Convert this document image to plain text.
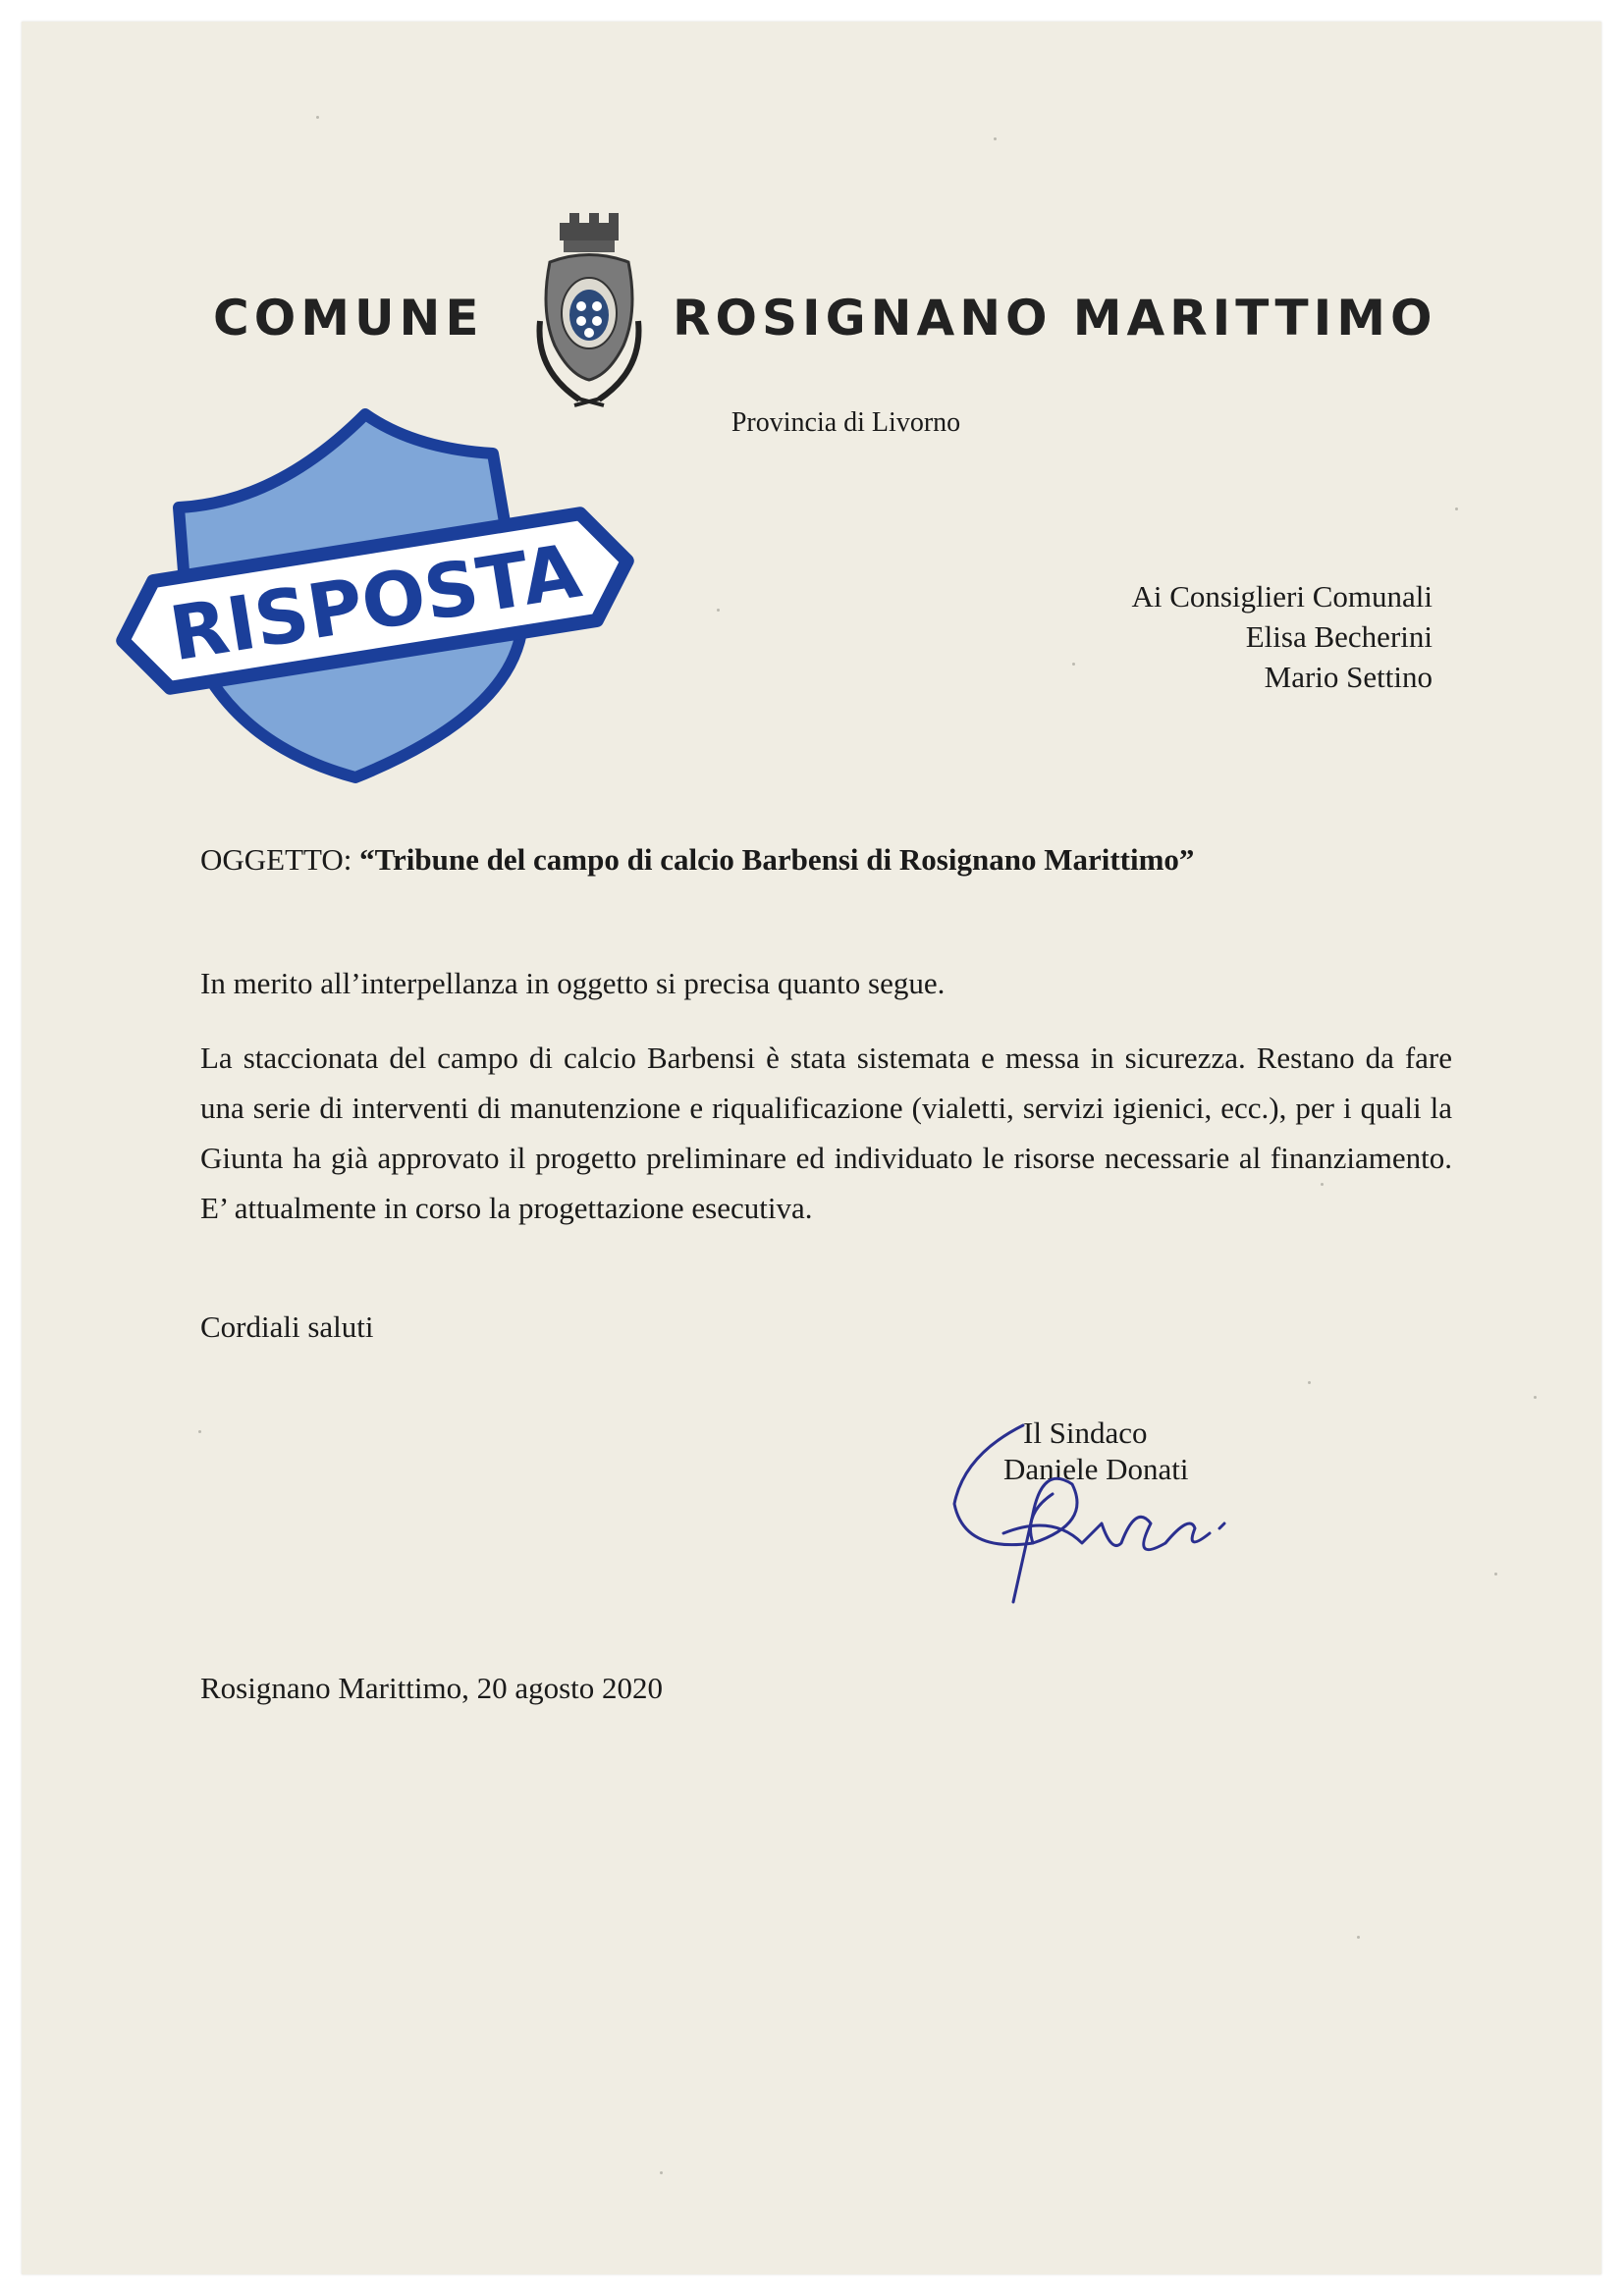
COMUNE	ROSIGNANO MARITTIMO
Provincia di Livorno
RISPOSTA	Ai Consiglieri Comunali
Elisa Becherini
Mario Settino
OGGETTO: “Tribune del campo di calcio Barbensi di Rosignano Marittimo”
In merito all’interpellanza in oggetto si precisa quanto segue.
La staccionata del campo di calcio Barbensi è stata sistemata e messa in sicurezza. Restano da fare una serie di interventi di manutenzione e riqualificazione (vialetti, servizi igienici, ecc.), per i quali la Giunta ha già approvato il progetto preliminare ed individuato le risorse necessarie al finanziamento. E’ attualmente in corso la progettazione esecutiva.
Cordiali saluti
Il Sindaco
Daniele Donati
Rosignano Marittimo, 20 agosto 2020
